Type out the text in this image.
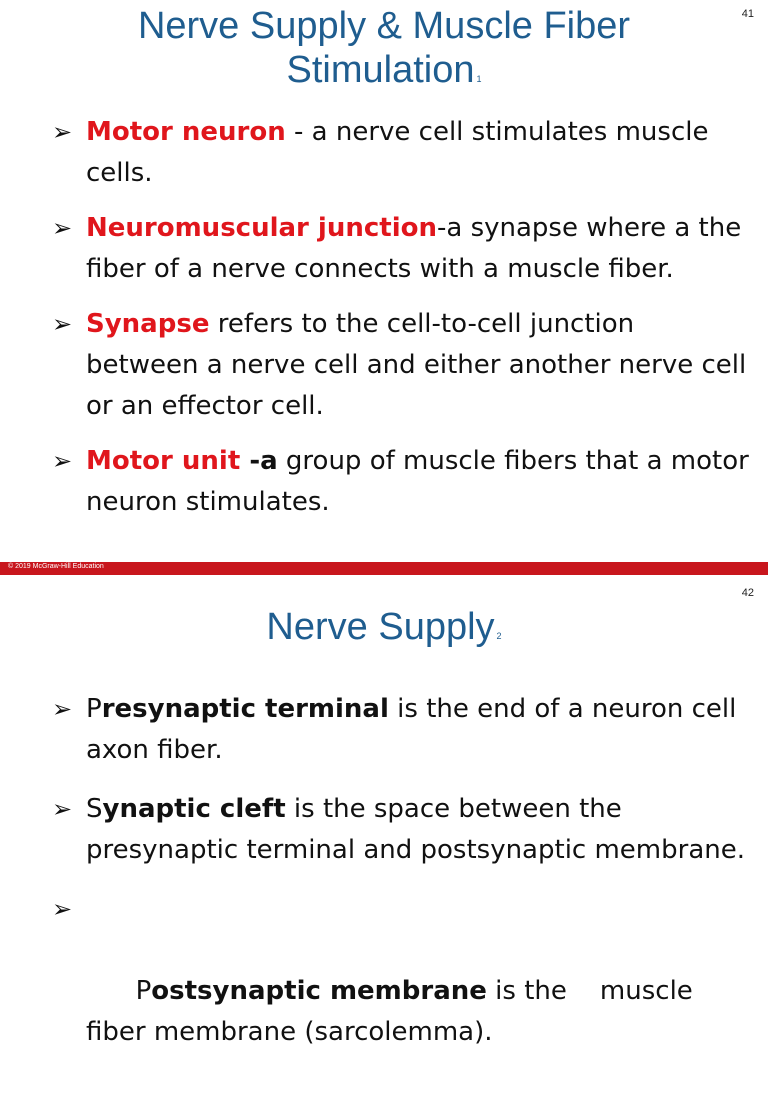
41
Nerve Supply & Muscle Fiber Stimulation 1
➢ Motor neuron - a nerve cell stimulates muscle cells.
➢ Neuromuscular junction-a synapse where a the fiber of a nerve connects with a muscle fiber.
➢ Synapse refers to the cell-to-cell junction between a nerve cell and either another nerve cell or an effector cell.
➢ Motor unit -a group of muscle fibers that a motor neuron stimulates.
© 2019 McGraw-Hill Education
42
Nerve Supply 2
➢ Presynaptic terminal is the end of a neuron cell axon fiber.
➢ Synaptic cleft is the space between the presynaptic terminal and postsynaptic membrane.

➢

Postsynaptic membrane is the    muscle fiber membrane (sarcolemma).
